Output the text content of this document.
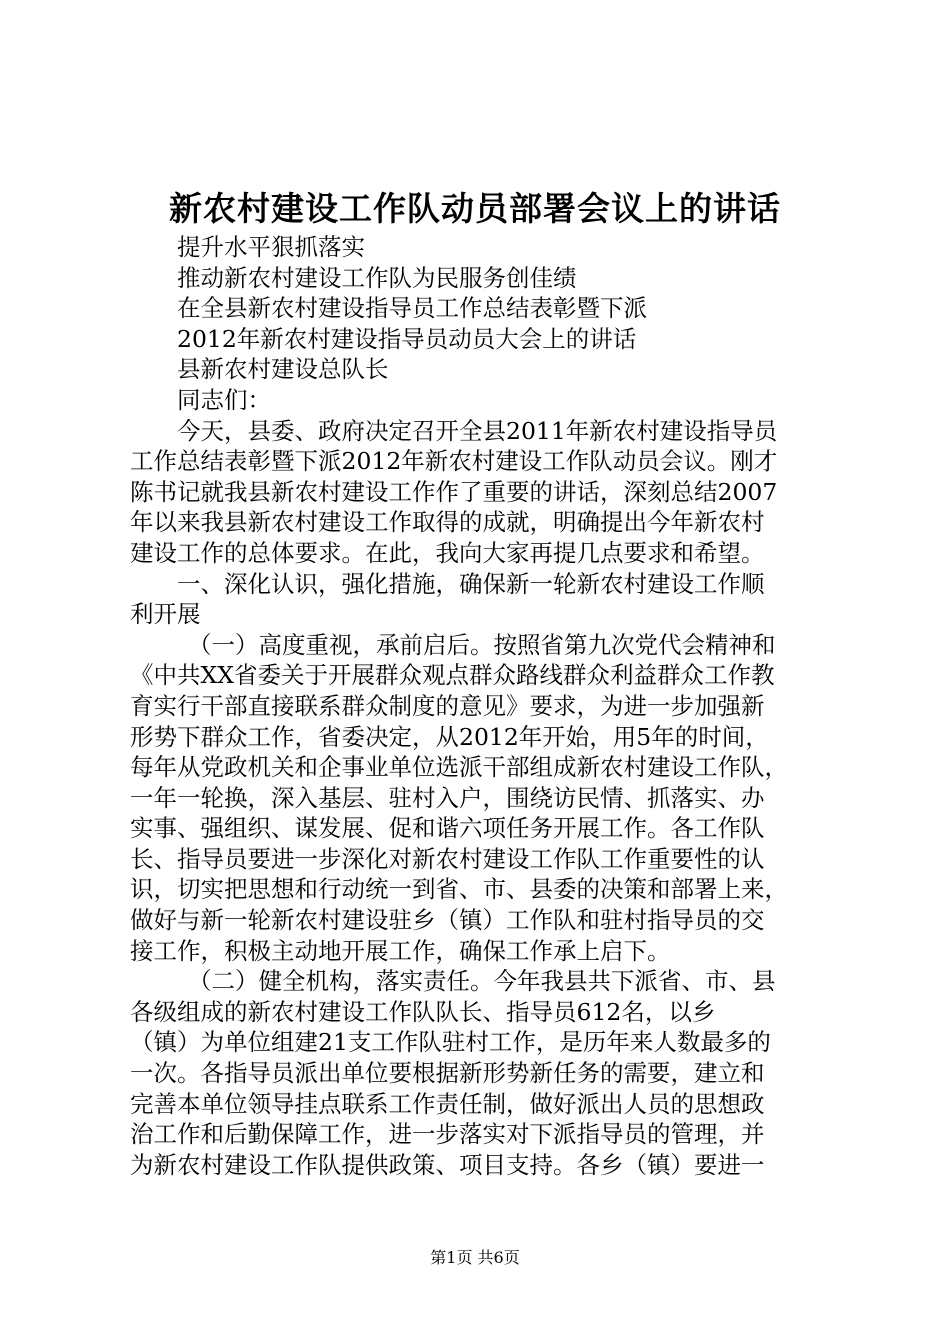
新农村建设工作队动员部署会议上的讲话
提升水平狠抓落实
推动新农村建设工作队为民服务创佳绩
在全县新农村建设指导员工作总结表彰暨下派
2012年新农村建设指导员动员大会上的讲话
县新农村建设总队长
同志们：
今天，县委、政府决定召开全县2011年新农村建设指导员
工作总结表彰暨下派2012年新农村建设工作队动员会议。刚才
陈书记就我县新农村建设工作作了重要的讲话，深刻总结2007
年以来我县新农村建设工作取得的成就，明确提出今年新农村
建设工作的总体要求。在此，我向大家再提几点要求和希望。
一、深化认识，强化措施，确保新一轮新农村建设工作顺
利开展
（一）高度重视，承前启后。按照省第九次党代会精神和
《中共XX省委关于开展群众观点群众路线群众利益群众工作教
育实行干部直接联系群众制度的意见》要求，为进一步加强新
形势下群众工作，省委决定，从2012年开始，用5年的时间，
每年从党政机关和企事业单位选派干部组成新农村建设工作队，
一年一轮换，深入基层、驻村入户，围绕访民情、抓落实、办
实事、强组织、谋发展、促和谐六项任务开展工作。各工作队
长、指导员要进一步深化对新农村建设工作队工作重要性的认
识，切实把思想和行动统一到省、市、县委的决策和部署上来，
做好与新一轮新农村建设驻乡（镇）工作队和驻村指导员的交
接工作，积极主动地开展工作，确保工作承上启下。
（二）健全机构，落实责任。今年我县共下派省、市、县
各级组成的新农村建设工作队队长、指导员612名，以乡
（镇）为单位组建21支工作队驻村工作，是历年来人数最多的
一次。各指导员派出单位要根据新形势新任务的需要，建立和
完善本单位领导挂点联系工作责任制，做好派出人员的思想政
治工作和后勤保障工作，进一步落实对下派指导员的管理，并
为新农村建设工作队提供政策、项目支持。各乡（镇）要进一
第1页 共6页
